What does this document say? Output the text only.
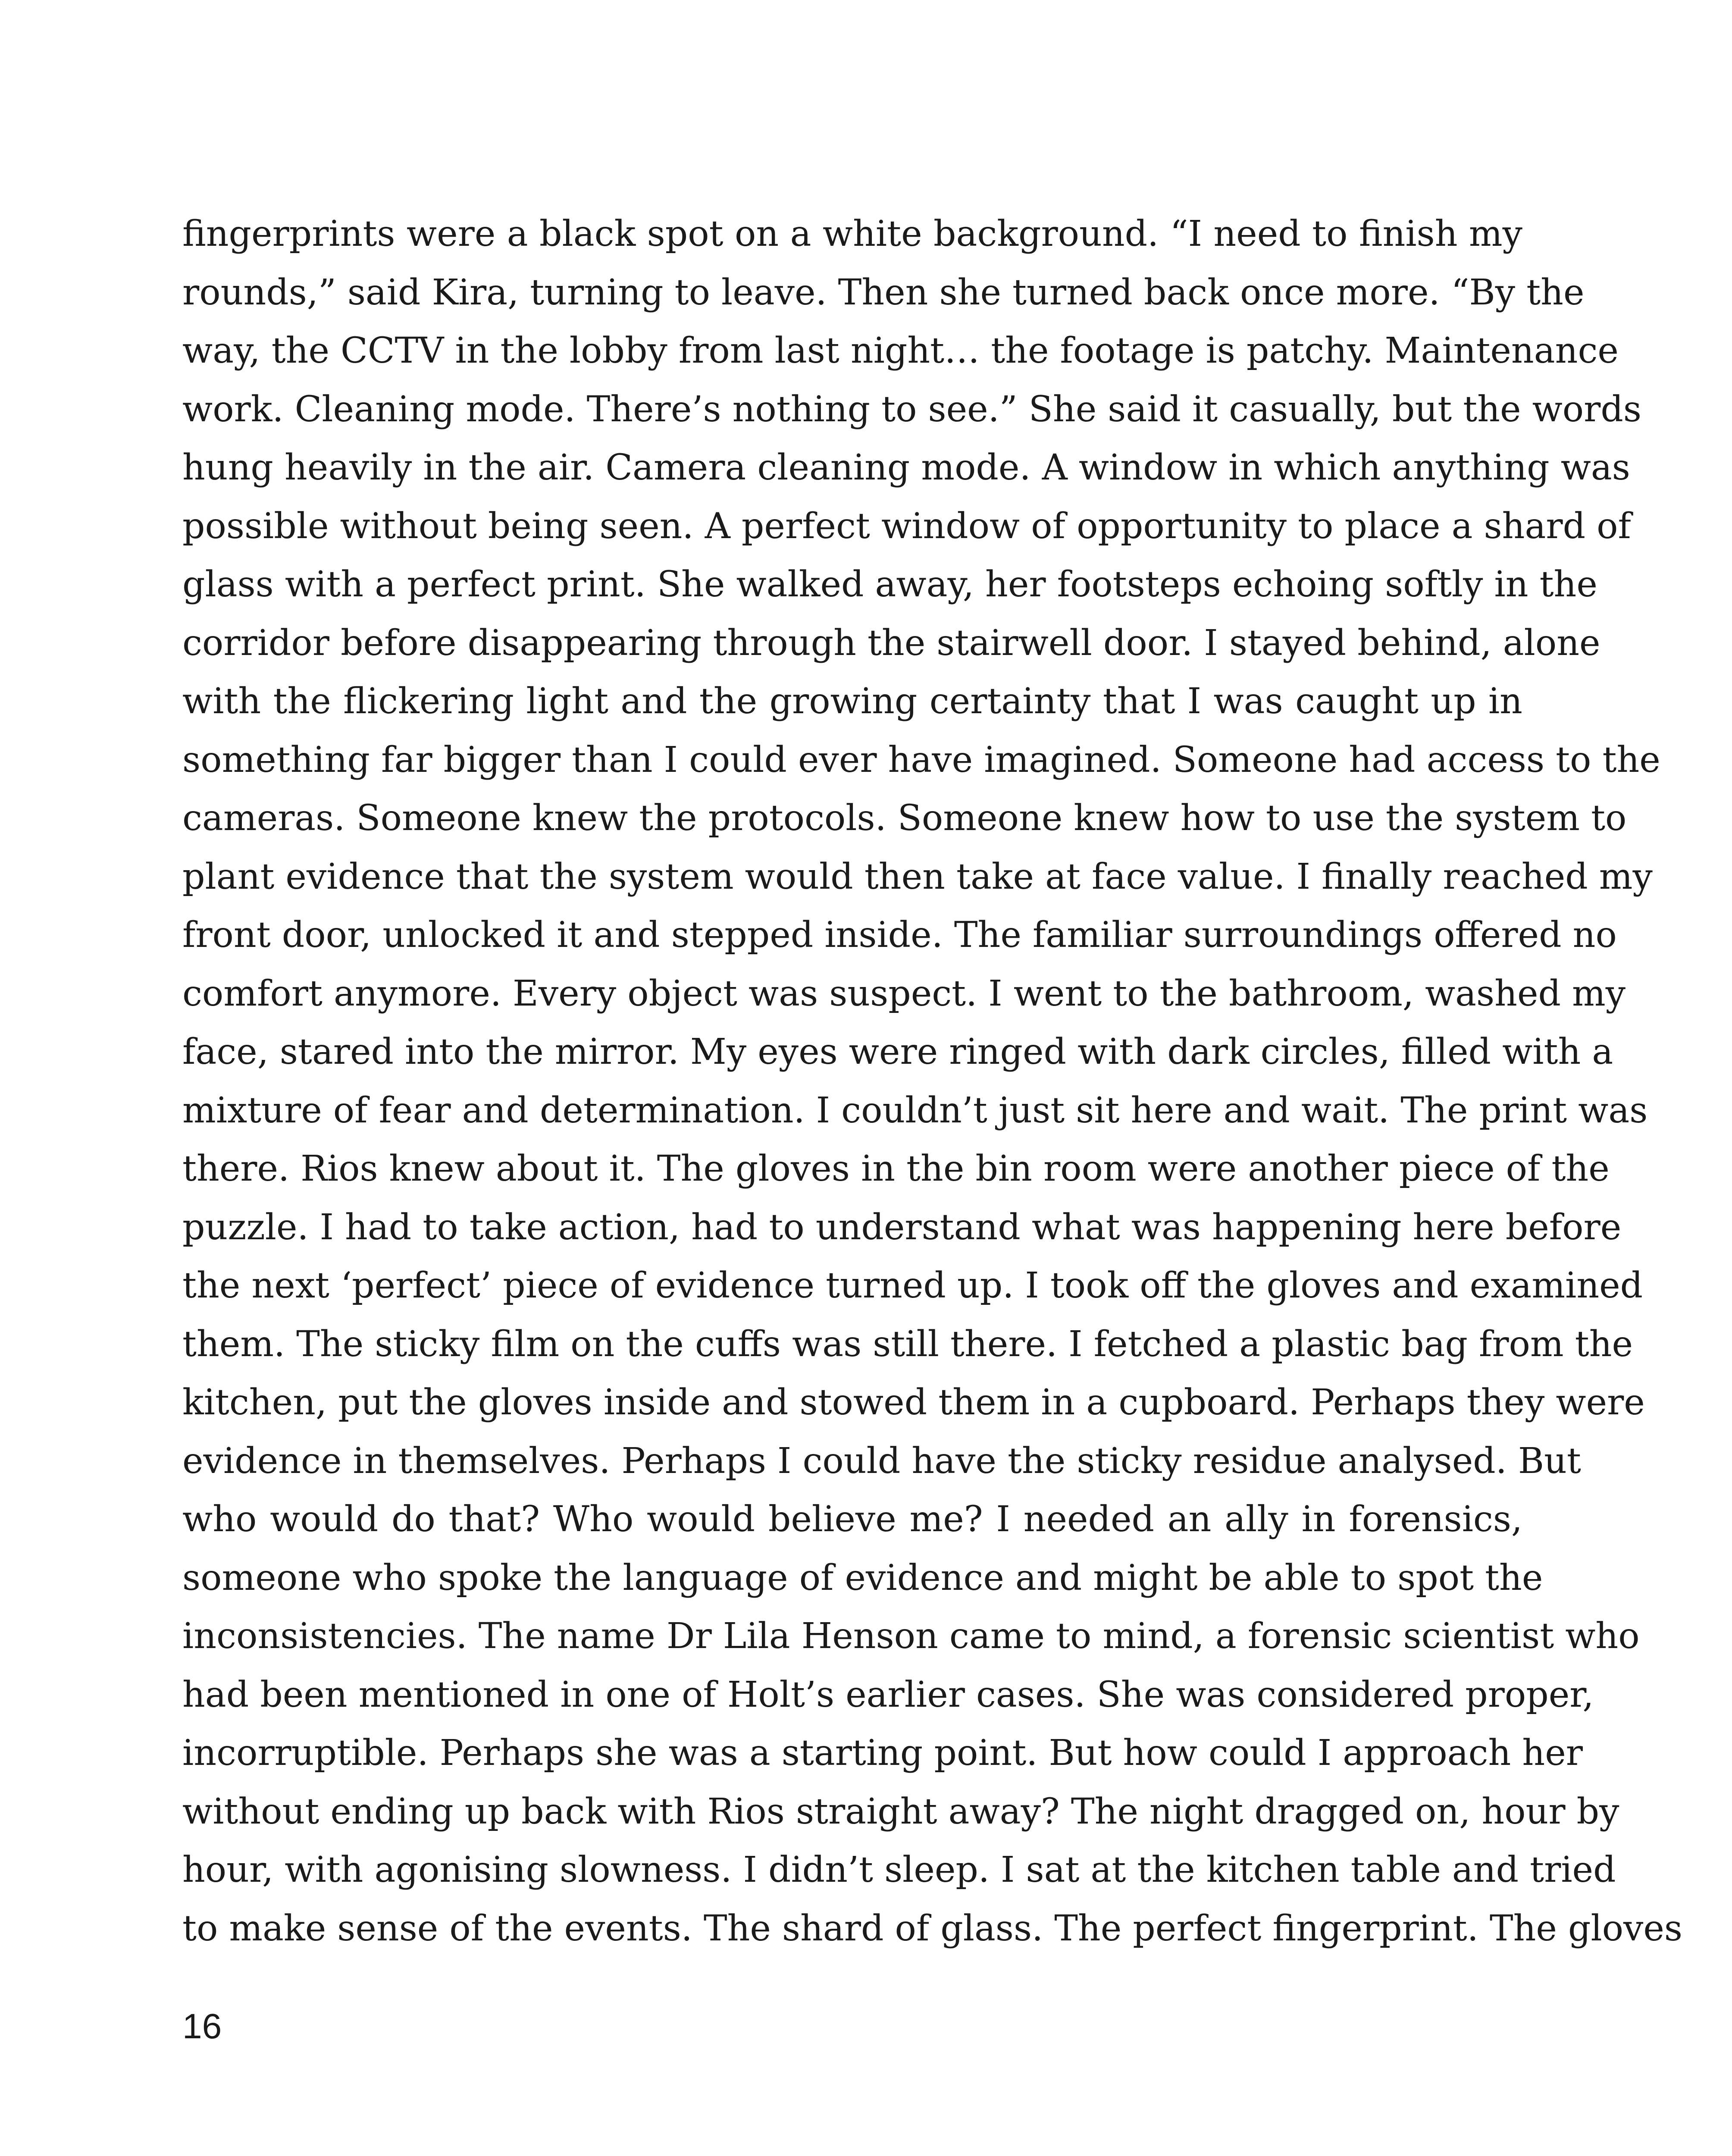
fingerprints were a black spot on a white background. “I need to finish my
rounds,” said Kira, turning to leave. Then she turned back once more. “By the
way, the CCTV in the lobby from last night… the footage is patchy. Maintenance
work. Cleaning mode. There’s nothing to see.” She said it casually, but the words
hung heavily in the air. Camera cleaning mode. A window in which anything was
possible without being seen. A perfect window of opportunity to place a shard of
glass with a perfect print. She walked away, her footsteps echoing softly in the
corridor before disappearing through the stairwell door. I stayed behind, alone
with the flickering light and the growing certainty that I was caught up in
something far bigger than I could ever have imagined. Someone had access to the
cameras. Someone knew the protocols. Someone knew how to use the system to
plant evidence that the system would then take at face value. I finally reached my
front door, unlocked it and stepped inside. The familiar surroundings offered no
comfort anymore. Every object was suspect. I went to the bathroom, washed my
face, stared into the mirror. My eyes were ringed with dark circles, filled with a
mixture of fear and determination. I couldn’t just sit here and wait. The print was
there. Rios knew about it. The gloves in the bin room were another piece of the
puzzle. I had to take action, had to understand what was happening here before
the next ‘perfect’ piece of evidence turned up. I took off the gloves and examined
them. The sticky film on the cuffs was still there. I fetched a plastic bag from the
kitchen, put the gloves inside and stowed them in a cupboard. Perhaps they were
evidence in themselves. Perhaps I could have the sticky residue analysed. But
who would do that? Who would believe me? I needed an ally in forensics,
someone who spoke the language of evidence and might be able to spot the
inconsistencies. The name Dr Lila Henson came to mind, a forensic scientist who
had been mentioned in one of Holt’s earlier cases. She was considered proper,
incorruptible. Perhaps she was a starting point. But how could I approach her
without ending up back with Rios straight away? The night dragged on, hour by
hour, with agonising slowness. I didn’t sleep. I sat at the kitchen table and tried
to make sense of the events. The shard of glass. The perfect fingerprint. The gloves
16
